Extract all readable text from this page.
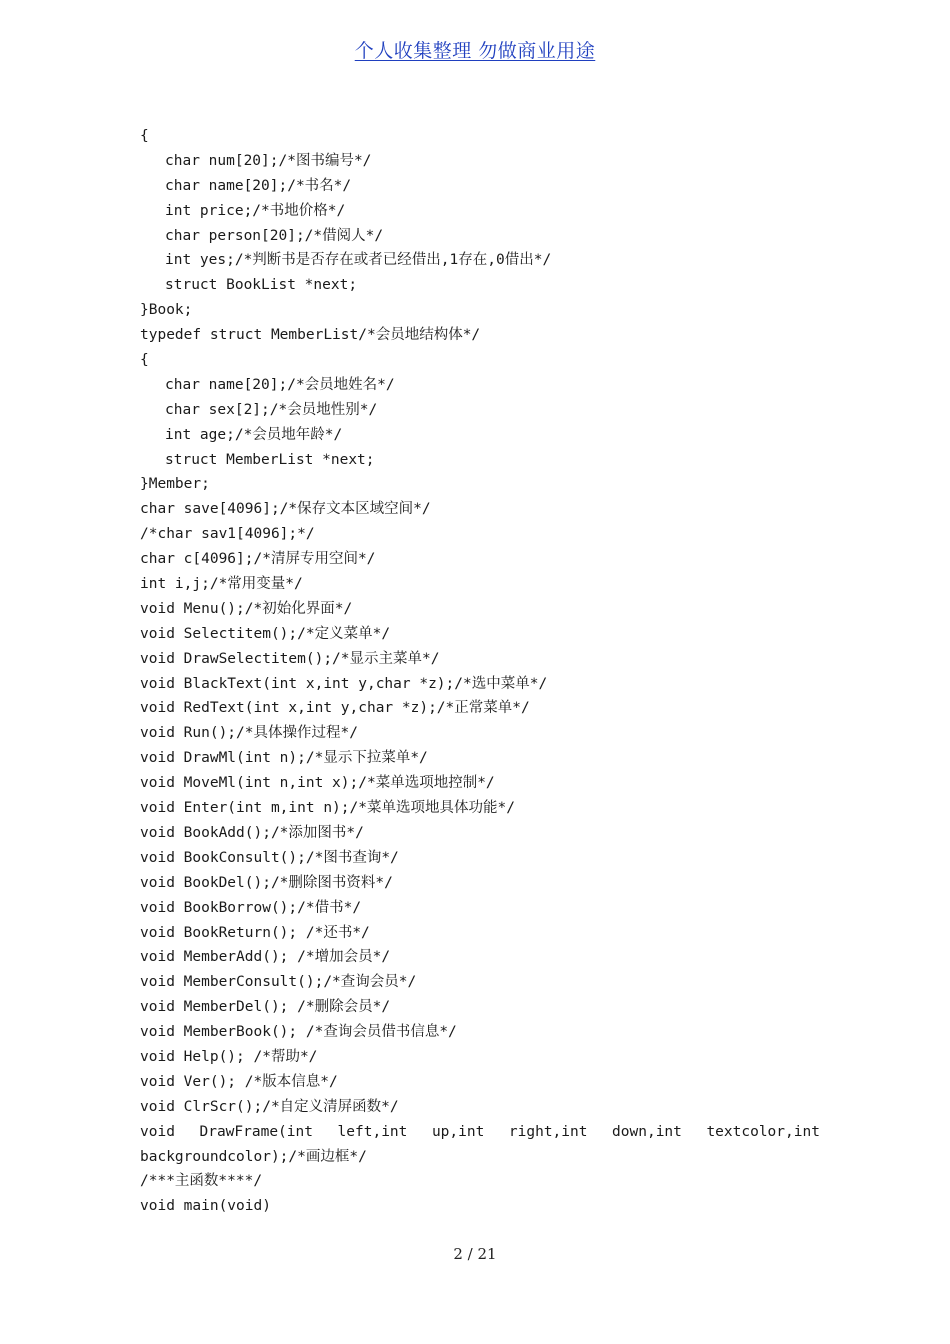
个人收集整理 勿做商业用途
{
char num[20];/*图书编号*/
char name[20];/*书名*/
int price;/*书地价格*/
char person[20];/*借阅人*/
int yes;/*判断书是否存在或者已经借出,1存在,0借出*/
struct BookList *next;
}Book;
typedef struct MemberList/*会员地结构体*/
{
char name[20];/*会员地姓名*/
char sex[2];/*会员地性别*/
int age;/*会员地年龄*/
struct MemberList *next;
}Member;
char save[4096];/*保存文本区域空间*/
/*char sav1[4096];*/
char c[4096];/*清屏专用空间*/
int i,j;/*常用变量*/
void Menu();/*初始化界面*/
void Selectitem();/*定义菜单*/
void DrawSelectitem();/*显示主菜单*/
void BlackText(int x,int y,char *z);/*选中菜单*/
void RedText(int x,int y,char *z);/*正常菜单*/
void Run();/*具体操作过程*/
void DrawMl(int n);/*显示下拉菜单*/
void MoveMl(int n,int x);/*菜单选项地控制*/
void Enter(int m,int n);/*菜单选项地具体功能*/
void BookAdd();/*添加图书*/
void BookConsult();/*图书查询*/
void BookDel();/*删除图书资料*/
void BookBorrow();/*借书*/
void BookReturn(); /*还书*/
void MemberAdd(); /*增加会员*/
void MemberConsult();/*查询会员*/
void MemberDel(); /*删除会员*/
void MemberBook(); /*查询会员借书信息*/
void Help(); /*帮助*/
void Ver(); /*版本信息*/
void ClrScr();/*自定义清屏函数*/
void DrawFrame(int left,int up,int right,int down,int textcolor,int
backgroundcolor);/*画边框*/
/***主函数****/
void main(void)
2 / 21
